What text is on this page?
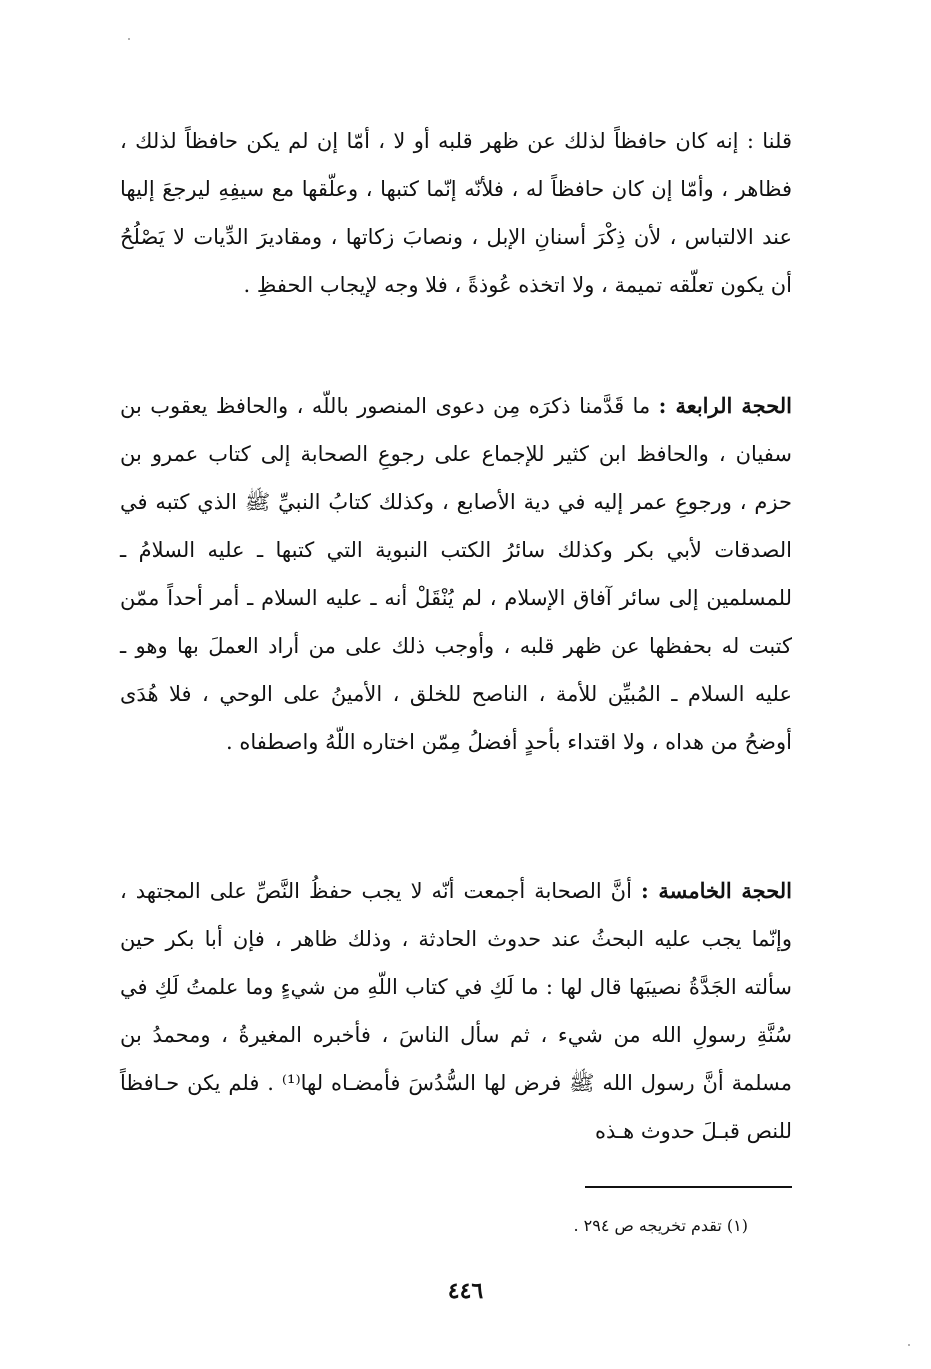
قلنا : إنه كان حافظاً لذلك عن ظهر قلبه أو لا ، أمّا إن لم يكن حافظاً لذلك ، فظاهر ، وأمّا إن كان حافظاً له ، فلأنّه إنّما كتبها ، وعلّقها مع سيفِهِ ليرجعَ إليها عند الالتباس ، لأن ذِكْرَ أسنانِ الإبل ، ونصابَ زكاتها ، ومقاديرَ الدِّيات لا يَصْلُحُ أن يكون تعلّقه تميمة ، ولا اتخذه عُوذةً ، فلا وجه لإيجاب الحفظِ .

الحجة الرابعة : ما قَدَّمنا ذكرَه مِن دعوى المنصور باللّه ، والحافظ يعقوب بن سفيان ، والحافظ ابن كثير للإجماع على رجوعِ الصحابة إلى كتاب عمرو بن حزم ، ورجوعِ عمر إليه في دية الأصابع ، وكذلك كتابُ النبيِّ ﷺ الذي كتبه في الصدقات لأبي بكر وكذلك سائرُ الكتب النبوية التي كتبها ـ عليه السلامُ ـ للمسلمين إلى سائر آفاق الإسلام ، لم يُنْقَلْ أنه ـ عليه السلام ـ أمر أحداً ممّن كتبت له بحفظها عن ظهر قلبه ، وأوجب ذلك على من أراد العملَ بها وهو ـ عليه السلام ـ المُبيِّن للأمة ، الناصح للخلق ، الأمينُ على الوحي ، فلا هُدَى أوضحُ من هداه ، ولا اقتداء بأحدٍ أفضلُ مِمّن اختاره اللّهُ واصطفاه .

الحجة الخامسة : أنَّ الصحابة أجمعت أنّه لا يجب حفظُ النَّصِّ على المجتهد ، وإنّما يجب عليه البحثُ عند حدوث الحادثة ، وذلك ظاهر ، فإن أبا بكر حين سألته الجَدَّةُ نصيبَها قال لها : ما لَكِ في كتاب اللّهِ من شيءٍ وما علمتُ لَكِ في سُنَّةِ رسولِ الله من شيء ، ثم سأل الناسَ ، فأخبره المغيرةُ ، ومحمدُ بن مسلمة أنَّ رسول الله ﷺ فرض لها السُّدُسَ فأمضـاه لها⁽¹⁾ . فلم يكن حـافظاً للنص قبـلَ حدوث هـذه

(١) تقدم تخريجه ص ٢٩٤ .
٤٤٦
